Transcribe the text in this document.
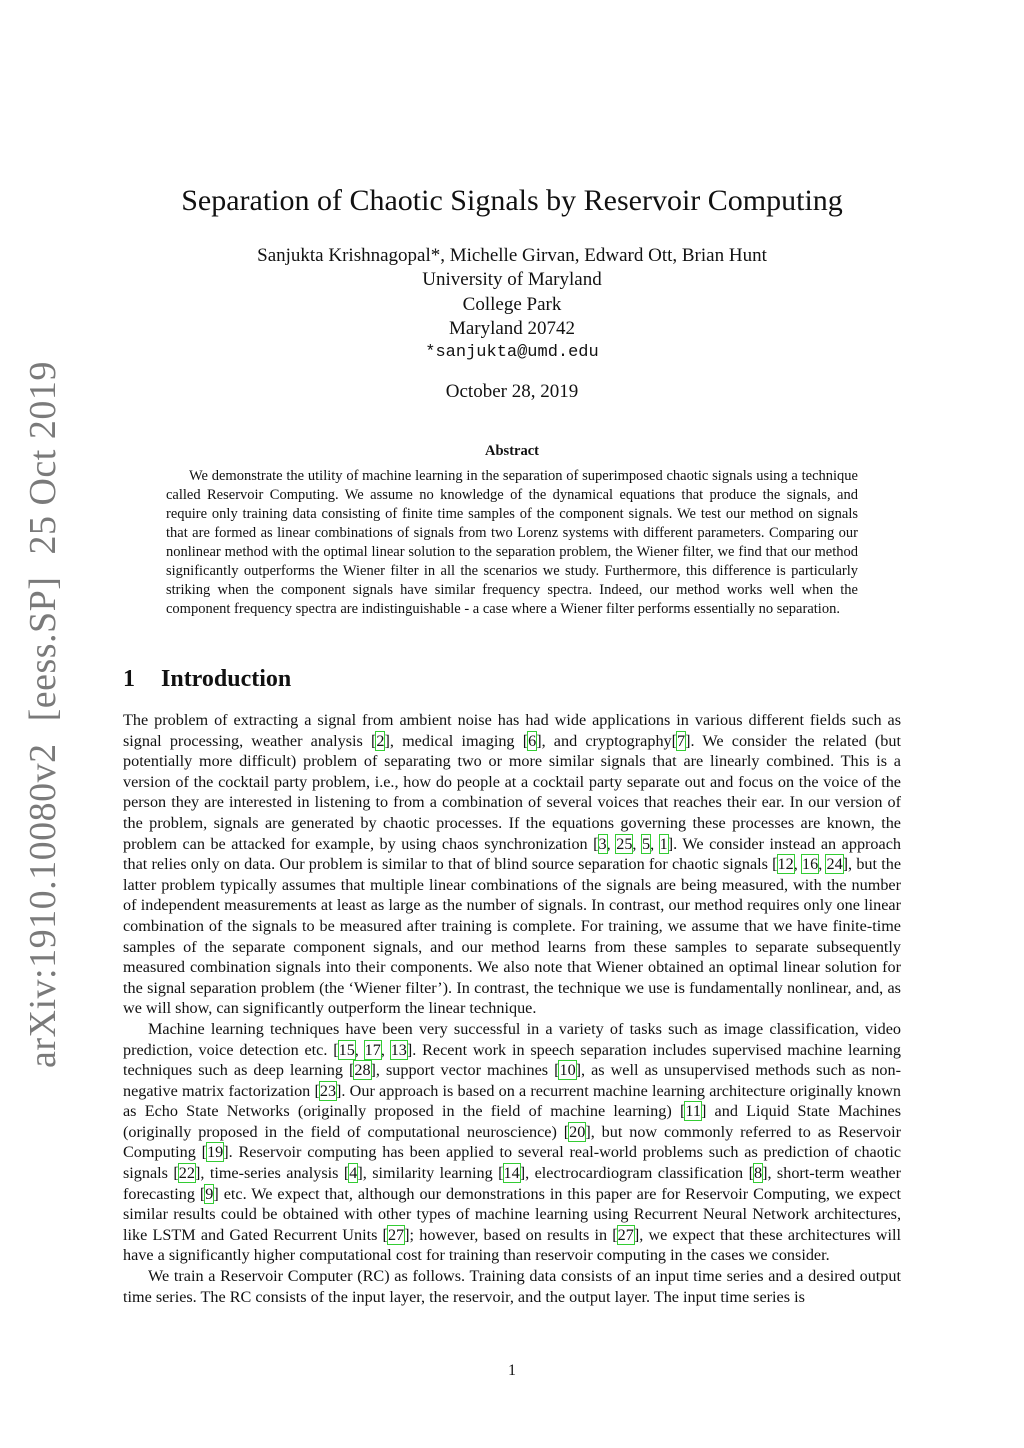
arXiv:1910.10080v2[eess.SP]25 Oct 2019
Separation of Chaotic Signals by Reservoir Computing
Sanjukta Krishnagopal*, Michelle Girvan, Edward Ott, Brian Hunt
University of Maryland
College Park
Maryland 20742
*sanjukta@umd.edu
October 28, 2019
Abstract
We demonstrate the utility of machine learning in the separation of superimposed chaotic signals using a technique called Reservoir Computing. We assume no knowledge of the dynamical equations that produce the signals, and require only training data consisting of finite time samples of the component signals. We test our method on signals that are formed as linear combinations of signals from two Lorenz systems with different parameters. Comparing our nonlinear method with the optimal linear solution to the separation problem, the Wiener filter, we find that our method significantly outperforms the Wiener filter in all the scenarios we study. Furthermore, this difference is particularly striking when the component signals have similar frequency spectra. Indeed, our method works well when the component frequency spectra are indistinguishable - a case where a Wiener filter performs essentially no separation.
1 Introduction

The problem of extracting a signal from ambient noise has had wide applications in various different fields such as signal processing, weather analysis [2], medical imaging [6], and cryptography[7]. We consider the related (but potentially more difficult) problem of separating two or more similar signals that are linearly combined. This is a version of the cocktail party problem, i.e., how do people at a cocktail party separate out and focus on the voice of the person they are interested in listening to from a combination of several voices that reaches their ear. In our version of the problem, signals are generated by chaotic processes. If the equations governing these processes are known, the problem can be attacked for example, by using chaos synchronization [3, 25, 5, 1]. We consider instead an approach that relies only on data. Our problem is similar to that of blind source separation for chaotic signals [12, 16, 24], but the latter problem typically assumes that multiple linear combinations of the signals are being measured, with the number of independent measurements at least as large as the number of signals. In contrast, our method requires only one linear combination of the signals to be measured after training is complete. For training, we assume that we have finite-time samples of the separate component signals, and our method learns from these samples to separate subsequently measured combination signals into their components. We also note that Wiener obtained an optimal linear solution for the signal separation problem (the ‘Wiener filter’). In contrast, the technique we use is fundamentally nonlinear, and, as we will show, can significantly outperform the linear technique.

Machine learning techniques have been very successful in a variety of tasks such as image classification, video prediction, voice detection etc. [15, 17, 13]. Recent work in speech separation includes supervised machine learning techniques such as deep learning [28], support vector machines [10], as well as unsupervised methods such as non-negative matrix factorization [23]. Our approach is based on a recurrent machine learning architecture originally known as Echo State Networks (originally proposed in the field of machine learning) [11] and Liquid State Machines (originally proposed in the field of computational neuroscience) [20], but now commonly referred to as Reservoir Computing [19]. Reservoir computing has been applied to several real-world problems such as prediction of chaotic signals [22], time-series analysis [4], similarity learning [14], electrocardiogram classification [8], short-term weather forecasting [9] etc. We expect that, although our demonstrations in this paper are for Reservoir Computing, we expect similar results could be obtained with other types of machine learning using Recurrent Neural Network architectures, like LSTM and Gated Recurrent Units [27]; however, based on results in [27], we expect that these architectures will have a significantly higher computational cost for training than reservoir computing in the cases we consider.

We train a Reservoir Computer (RC) as follows. Training data consists of an input time series and a desired output time series. The RC consists of the input layer, the reservoir, and the output layer. The input time series is

1
